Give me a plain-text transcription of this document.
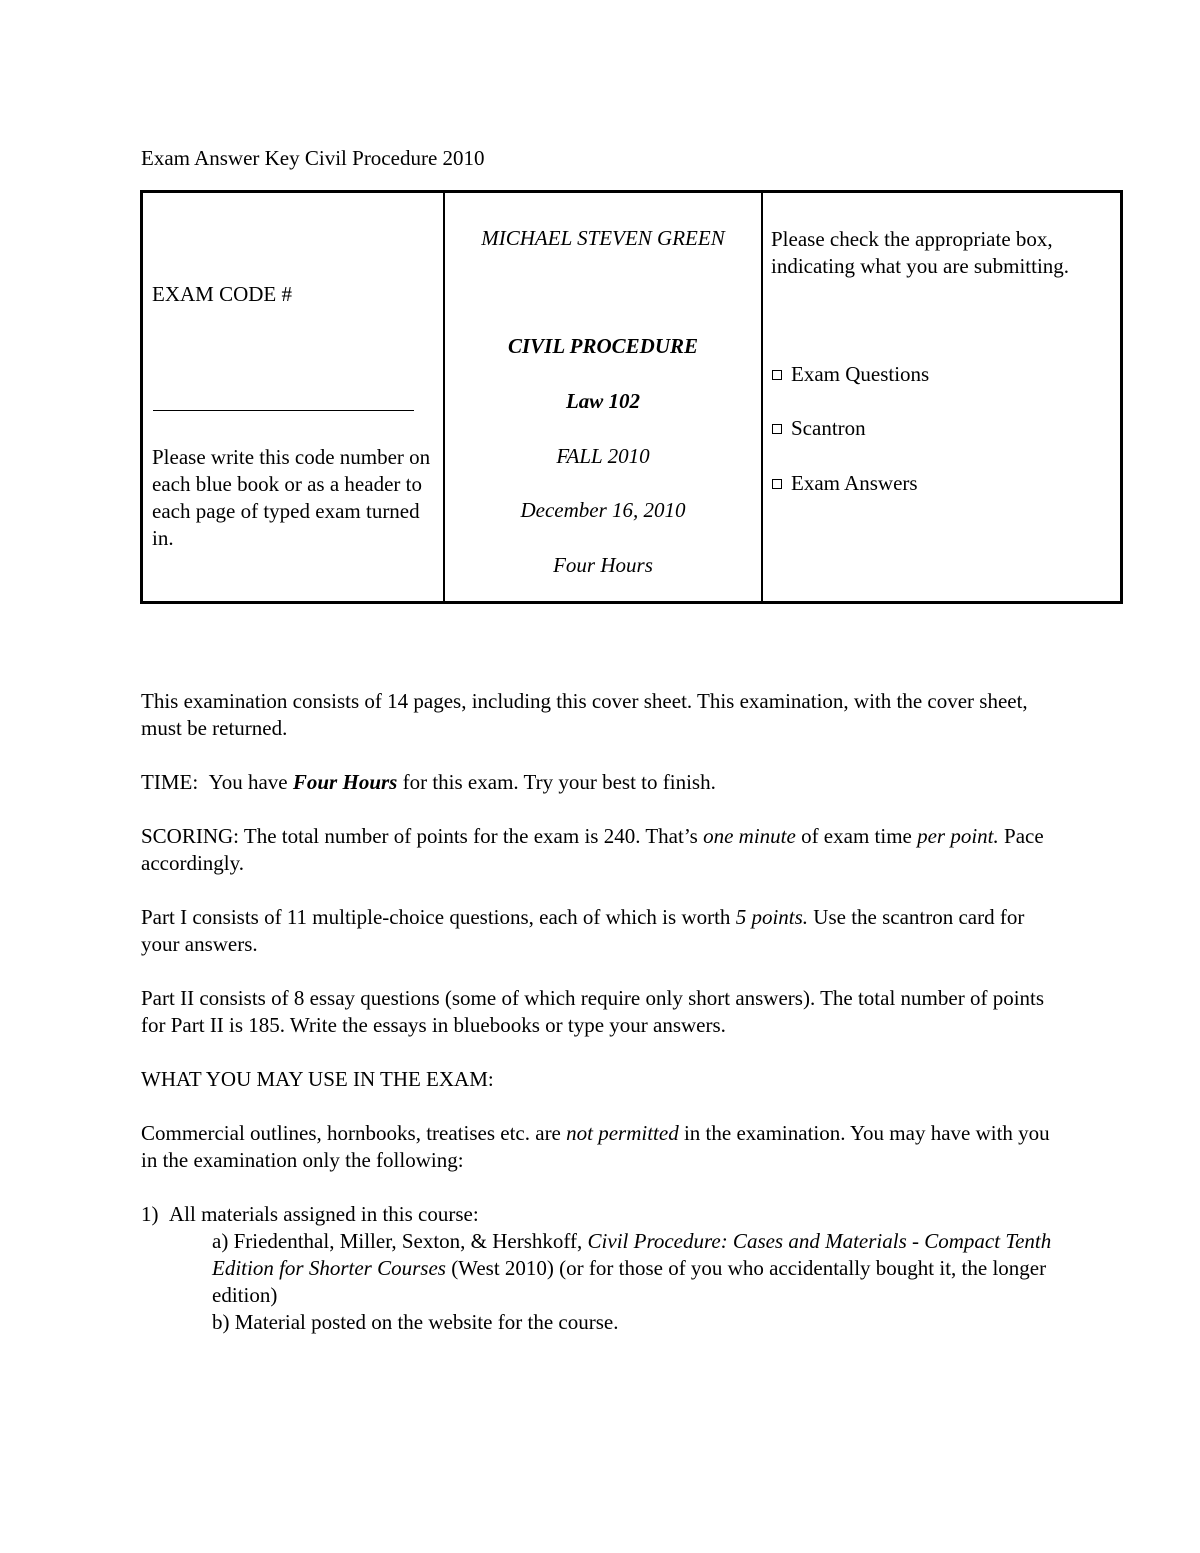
Exam Answer Key Civil Procedure 2010
EXAM CODE #
Please write this code number on each blue book or as a header to each page of typed exam turned in.
MICHAEL STEVEN GREEN
CIVIL PROCEDURE
Law 102
FALL 2010
December 16, 2010
Four Hours
Please check the appropriate box, indicating what you are submitting.
Exam Questions
Scantron
Exam Answers

This examination consists of 14 pages, including this cover sheet. This examination, with the cover sheet, must be returned.

TIME: You have Four Hours for this exam. Try your best to finish.

SCORING: The total number of points for the exam is 240. That’s one minute of exam time per point. Pace accordingly.

Part I consists of 11 multiple-choice questions, each of which is worth 5 points. Use the scantron card for your answers.

Part II consists of 8 essay questions (some of which require only short answers). The total number of points for Part II is 185. Write the essays in bluebooks or type your answers.

WHAT YOU MAY USE IN THE EXAM:

Commercial outlines, hornbooks, treatises etc. are not permitted in the examination. You may have with you in the examination only the following:

1)  All materials assigned in this course:
a) Friedenthal, Miller, Sexton, & Hershkoff, Civil Procedure: Cases and Materials - Compact Tenth Edition for Shorter Courses (West 2010) (or for those of you who accidentally bought it, the longer edition)
b) Material posted on the website for the course.
